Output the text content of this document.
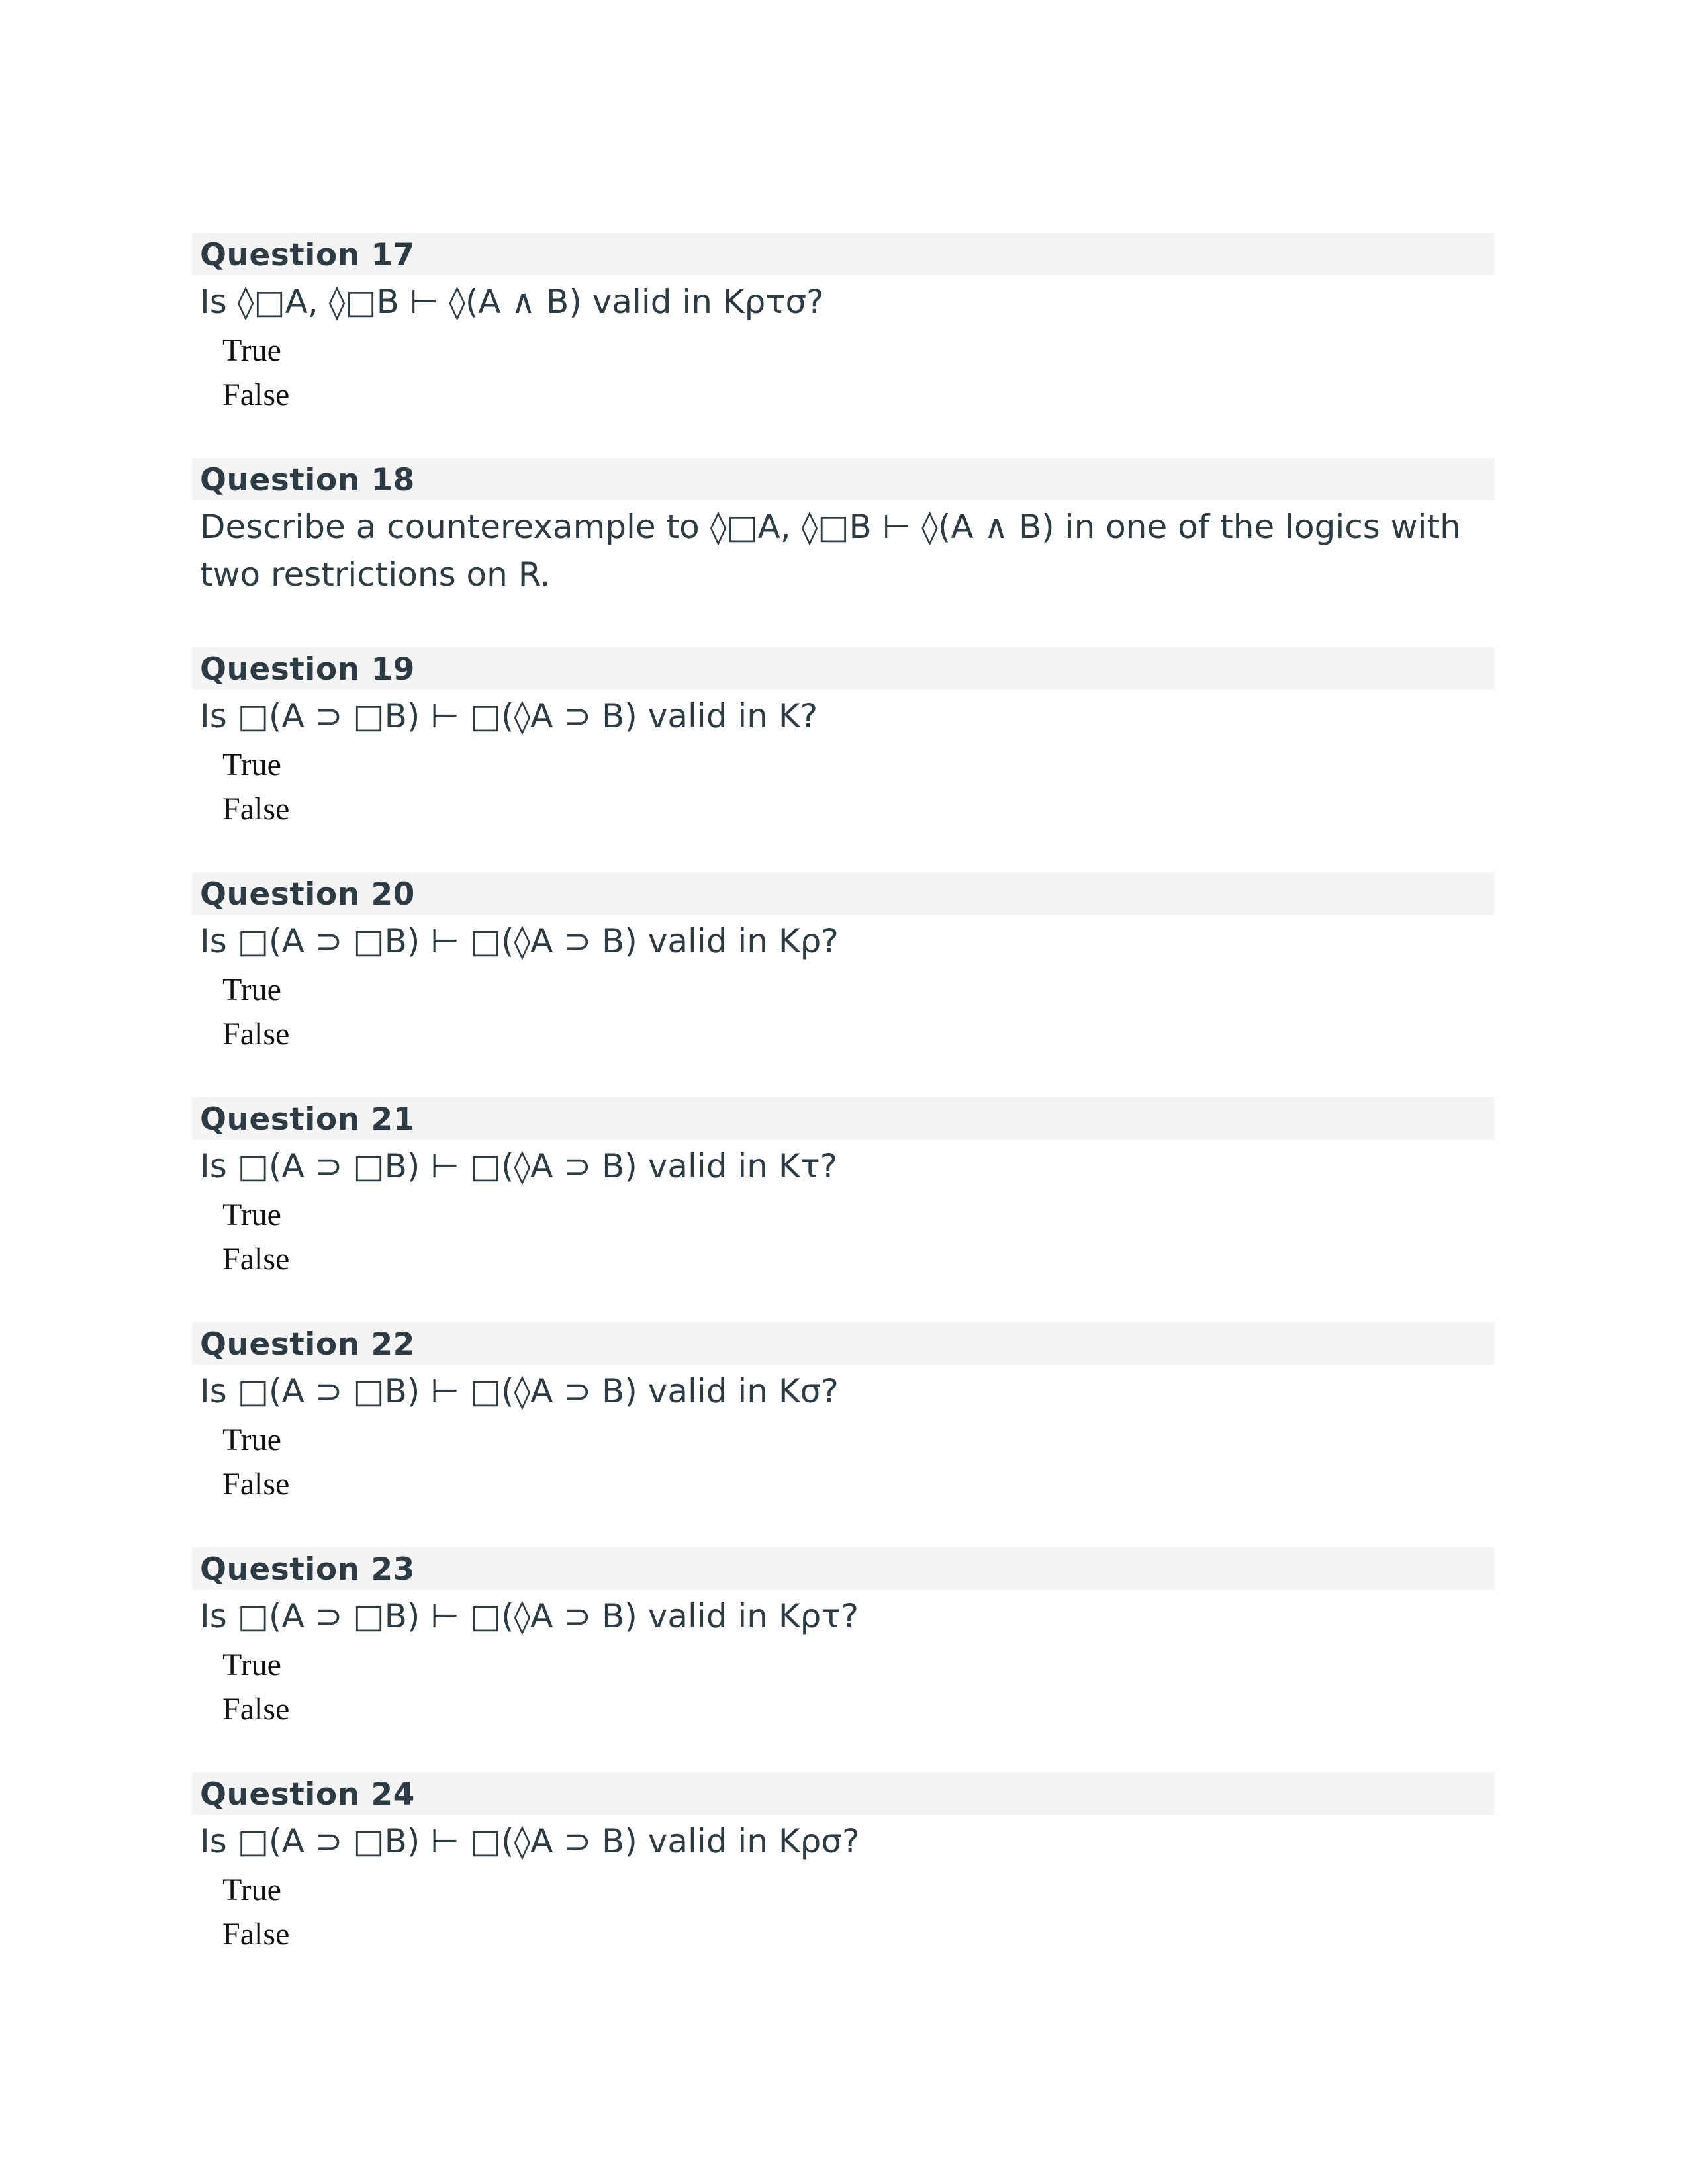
Question 17
Is ◊□A, ◊□B ⊢ ◊(A ∧ B) valid in Kρτσ?
True
False
Question 18
Describe a counterexample to ◊□A, ◊□B ⊢ ◊(A ∧ B) in one of the logics with two restrictions on R.
Question 19
Is □(A ⊃ □B) ⊢ □(◊A ⊃ B) valid in K?
True
False
Question 20
Is □(A ⊃ □B) ⊢ □(◊A ⊃ B) valid in Kρ?
True
False
Question 21
Is □(A ⊃ □B) ⊢ □(◊A ⊃ B) valid in Kτ?
True
False
Question 22
Is □(A ⊃ □B) ⊢ □(◊A ⊃ B) valid in Kσ?
True
False
Question 23
Is □(A ⊃ □B) ⊢ □(◊A ⊃ B) valid in Kρτ?
True
False
Question 24
Is □(A ⊃ □B) ⊢ □(◊A ⊃ B) valid in Kρσ?
True
False
